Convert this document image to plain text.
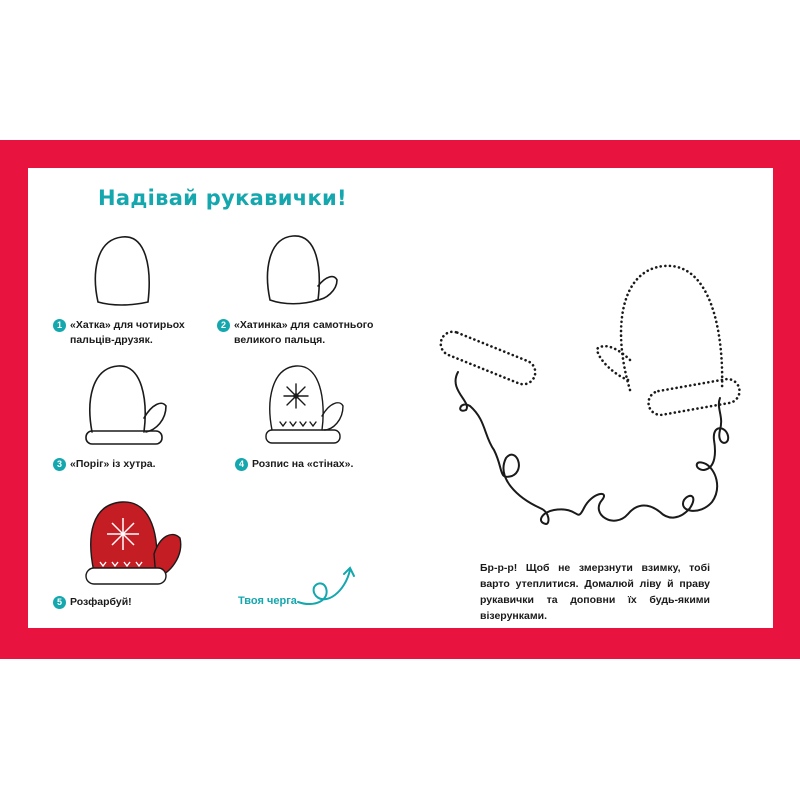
Надівай рукавички!
1 «Хатка» для чотирьох пальців-друзяк.
2 «Хатинка» для самотнього великого пальця.
3 «Поріг» із хутра.	4 Розпис на «стінах».
5 Розфарбуй!	Твоя черга
Бр-р-р! Щоб не змерзнути взимку, тобі варто утеплитися. Домалюй ліву й праву рукавички та доповни їх будь-якими візерунками.
